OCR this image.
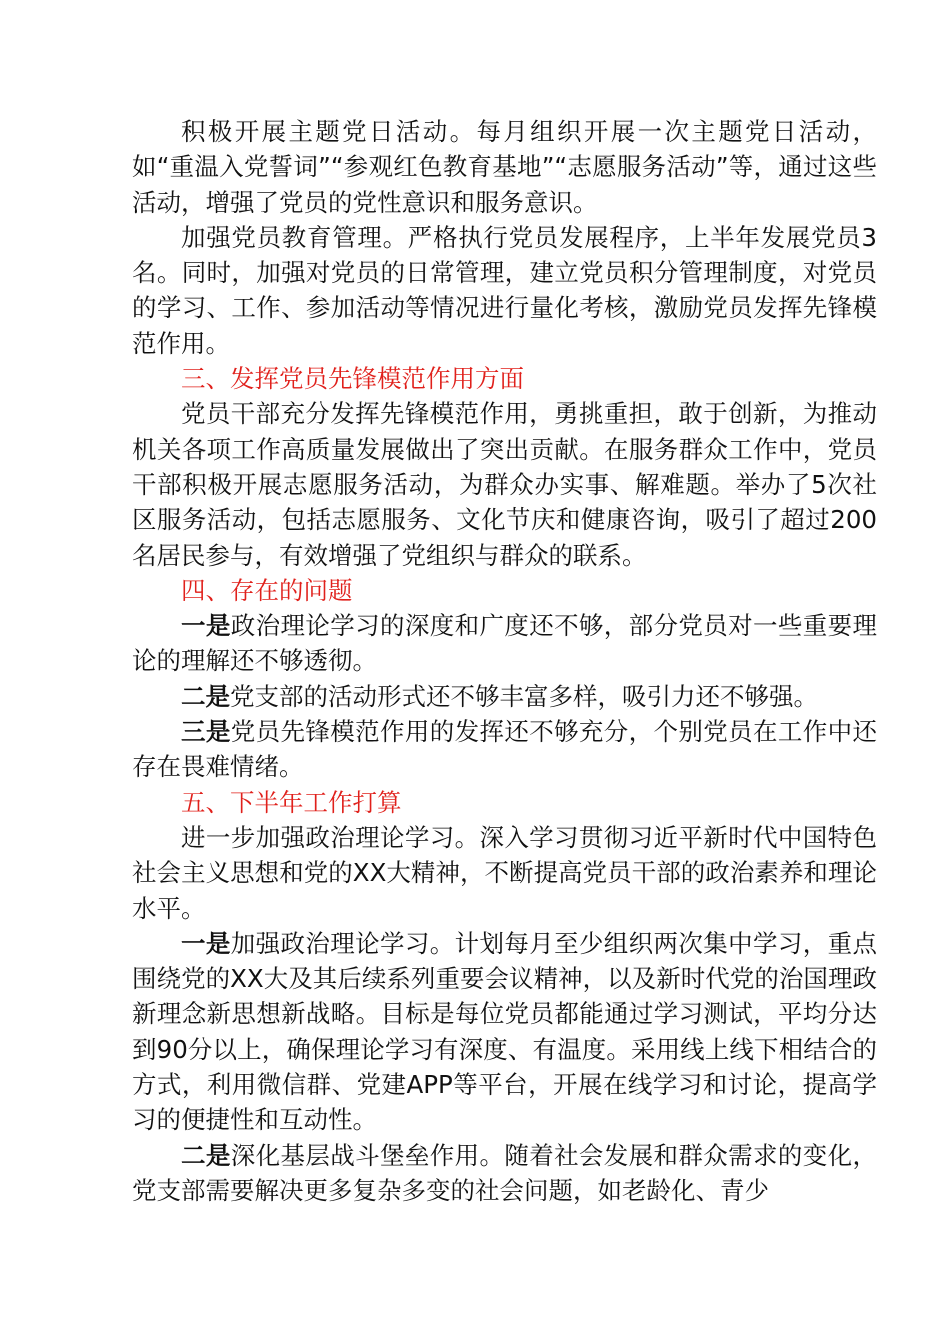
积极开展主题党日活动。每月组织开展一次主题党日活动，如“重温入党誓词”“参观红色教育基地”“志愿服务活动”等，通过这些活动，增强了党员的党性意识和服务意识。

加强党员教育管理。严格执行党员发展程序，上半年发展党员3名。同时，加强对党员的日常管理，建立党员积分管理制度，对党员的学习、工作、参加活动等情况进行量化考核，激励党员发挥先锋模范作用。

三、发挥党员先锋模范作用方面

党员干部充分发挥先锋模范作用，勇挑重担，敢于创新，为推动机关各项工作高质量发展做出了突出贡献。在服务群众工作中，党员干部积极开展志愿服务活动，为群众办实事、解难题。举办了5次社区服务活动，包括志愿服务、文化节庆和健康咨询，吸引了超过200名居民参与，有效增强了党组织与群众的联系。

四、存在的问题

一是政治理论学习的深度和广度还不够，部分党员对一些重要理论的理解还不够透彻。

二是党支部的活动形式还不够丰富多样，吸引力还不够强。

三是党员先锋模范作用的发挥还不够充分，个别党员在工作中还存在畏难情绪。

五、下半年工作打算

进一步加强政治理论学习。深入学习贯彻习近平新时代中国特色社会主义思想和党的XX大精神，不断提高党员干部的政治素养和理论水平。

一是加强政治理论学习。计划每月至少组织两次集中学习，重点围绕党的XX大及其后续系列重要会议精神，以及新时代党的治国理政新理念新思想新战略。目标是每位党员都能通过学习测试，平均分达到90分以上，确保理论学习有深度、有温度。采用线上线下相结合的方式，利用微信群、党建APP等平台，开展在线学习和讨论，提高学习的便捷性和互动性。

二是深化基层战斗堡垒作用。随着社会发展和群众需求的变化，党支部需要解决更多复杂多变的社会问题，如老龄化、青少
